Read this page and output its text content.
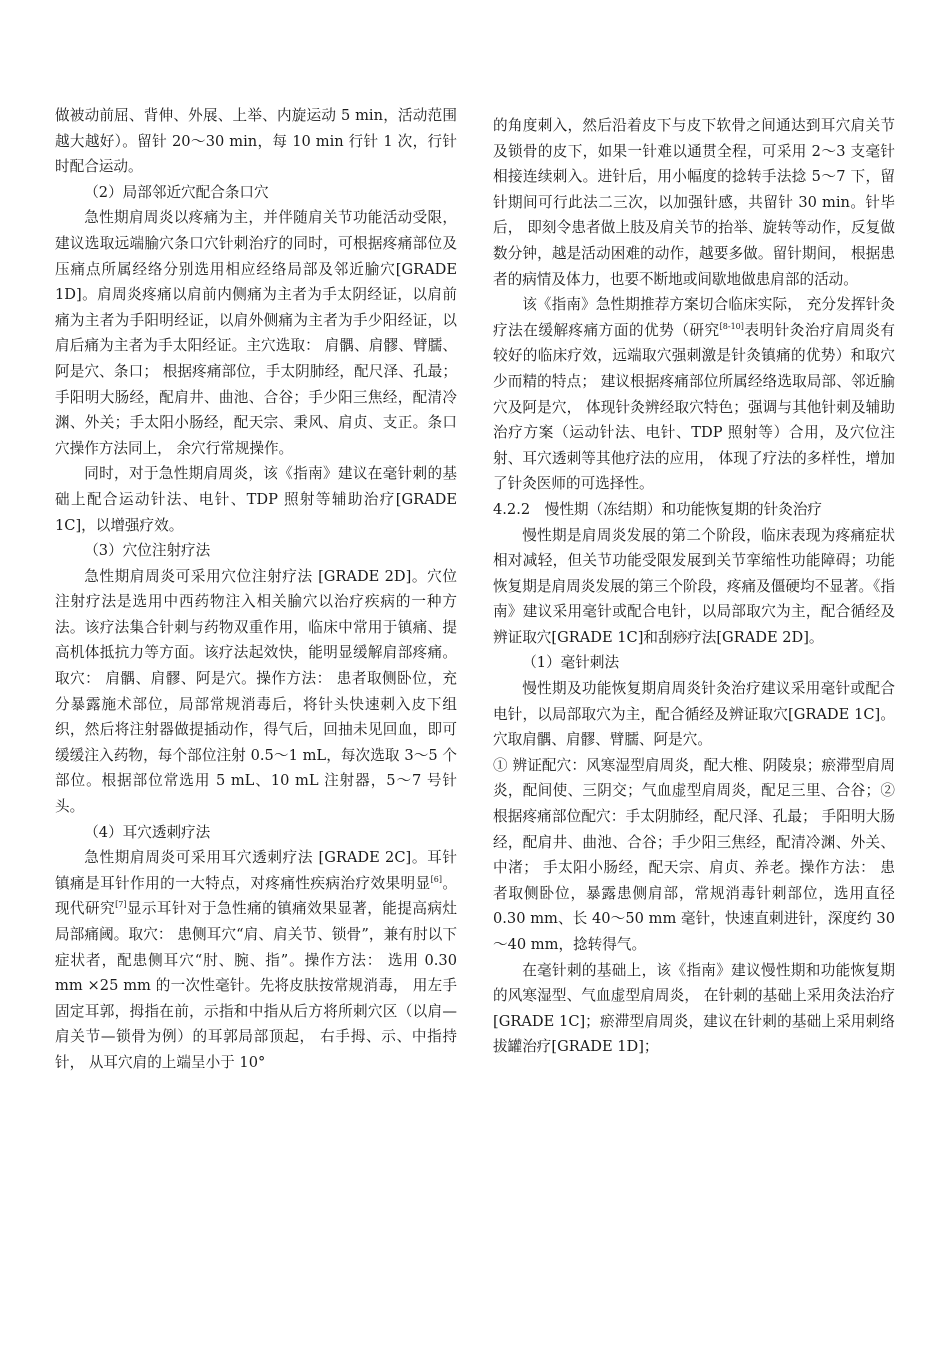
做被动前屈、背伸、外展、上举、内旋运动 5 min，活动范围越大越好）。留针 20～30 min，每 10 min 行针 1 次，行针时配合运动。

（2）局部邻近穴配合条口穴

急性期肩周炎以疼痛为主，并伴随肩关节功能活动受限，建议选取远端腧穴条口穴针刺治疗的同时，可根据疼痛部位及压痛点所属经络分别选用相应经络局部及邻近腧穴[GRADE 1D]。肩周炎疼痛以肩前内侧痛为主者为手太阴经证，以肩前痛为主者为手阳明经证，以肩外侧痛为主者为手少阳经证，以肩后痛为主者为手太阳经证。主穴选取： 肩髃、肩髎、臂臑、阿是穴、条口； 根据疼痛部位，手太阴肺经，配尺泽、孔最；手阳明大肠经，配肩井、曲池、合谷；手少阳三焦经，配清冷渊、外关；手太阳小肠经，配天宗、秉风、肩贞、支正。条口穴操作方法同上， 余穴行常规操作。

同时，对于急性期肩周炎，该《指南》建议在毫针刺的基础上配合运动针法、电针、TDP 照射等辅助治疗[GRADE 1C]，以增强疗效。

（3）穴位注射疗法

急性期肩周炎可采用穴位注射疗法 [GRADE 2D]。穴位注射疗法是选用中西药物注入相关腧穴以治疗疾病的一种方法。该疗法集合针刺与药物双重作用，临床中常用于镇痛、提高机体抵抗力等方面。该疗法起效快，能明显缓解肩部疼痛。取穴： 肩髃、肩髎、阿是穴。操作方法： 患者取侧卧位，充分暴露施术部位，局部常规消毒后，将针头快速刺入皮下组织，然后将注射器做提插动作，得气后，回抽未见回血，即可缓缓注入药物，每个部位注射 0.5～1 mL，每次选取 3～5 个部位。根据部位常选用 5 mL、10 mL 注射器，5～7 号针头。

（4）耳穴透刺疗法

急性期肩周炎可采用耳穴透刺疗法 [GRADE 2C]。耳针镇痛是耳针作用的一大特点，对疼痛性疾病治疗效果明显[6]。现代研究[7]显示耳针对于急性痛的镇痛效果显著，能提高病灶局部痛阈。取穴： 患侧耳穴“肩、肩关节、锁骨”，兼有肘以下症状者，配患侧耳穴“肘、腕、指”。操作方法： 选用 0.30 mm ×25 mm 的一次性毫针。先将皮肤按常规消毒， 用左手固定耳郭，拇指在前，示指和中指从后方将所刺穴区（以肩—肩关节—锁骨为例）的耳郭局部顶起， 右手拇、示、中指持针， 从耳穴肩的上端呈小于 10°

的角度刺入，然后沿着皮下与皮下软骨之间通达到耳穴肩关节及锁骨的皮下，如果一针难以通贯全程，可采用 2～3 支毫针相接连续刺入。进针后，用小幅度的捻转手法捻 5～7 下，留针期间可行此法二三次，以加强针感，共留针 30 min。针毕后， 即刻令患者做上肢及肩关节的抬举、旋转等动作，反复做数分钟，越是活动困难的动作，越要多做。留针期间， 根据患者的病情及体力，也要不断地或间歇地做患肩部的活动。

该《指南》急性期推荐方案切合临床实际， 充分发挥针灸疗法在缓解疼痛方面的优势（研究[8-10]表明针灸治疗肩周炎有较好的临床疗效，远端取穴强刺激是针灸镇痛的优势）和取穴少而精的特点； 建议根据疼痛部位所属经络选取局部、邻近腧穴及阿是穴， 体现针灸辨经取穴特色；强调与其他针刺及辅助治疗方案（运动针法、电针、TDP 照射等）合用，及穴位注射、耳穴透刺等其他疗法的应用， 体现了疗法的多样性，增加了针灸医师的可选择性。

4.2.2　慢性期（冻结期）和功能恢复期的针灸治疗

慢性期是肩周炎发展的第二个阶段，临床表现为疼痛症状相对减轻，但关节功能受限发展到关节挛缩性功能障碍；功能恢复期是肩周炎发展的第三个阶段，疼痛及僵硬均不显著。《指南》建议采用毫针或配合电针，以局部取穴为主，配合循经及辨证取穴[GRADE 1C]和刮痧疗法[GRADE 2D]。

（1）毫针刺法

慢性期及功能恢复期肩周炎针灸治疗建议采用毫针或配合电针，以局部取穴为主，配合循经及辨证取穴[GRADE 1C]。穴取肩髃、肩髎、臂臑、阿是穴。

① 辨证配穴：风寒湿型肩周炎，配大椎、阴陵泉；瘀滞型肩周炎，配间使、三阴交；气血虚型肩周炎，配足三里、合谷；②根据疼痛部位配穴：手太阴肺经，配尺泽、孔最； 手阳明大肠经，配肩井、曲池、合谷；手少阳三焦经，配清冷渊、外关、中渚； 手太阳小肠经，配天宗、肩贞、养老。操作方法： 患者取侧卧位，暴露患侧肩部，常规消毒针刺部位，选用直径 0.30 mm、长 40～50 mm 毫针，快速直刺进针，深度约 30～40 mm，捻转得气。

在毫针刺的基础上，该《指南》建议慢性期和功能恢复期的风寒湿型、气血虚型肩周炎， 在针刺的基础上采用灸法治疗[GRADE 1C]；瘀滞型肩周炎，建议在针刺的基础上采用刺络拔罐治疗[GRADE 1D]；
